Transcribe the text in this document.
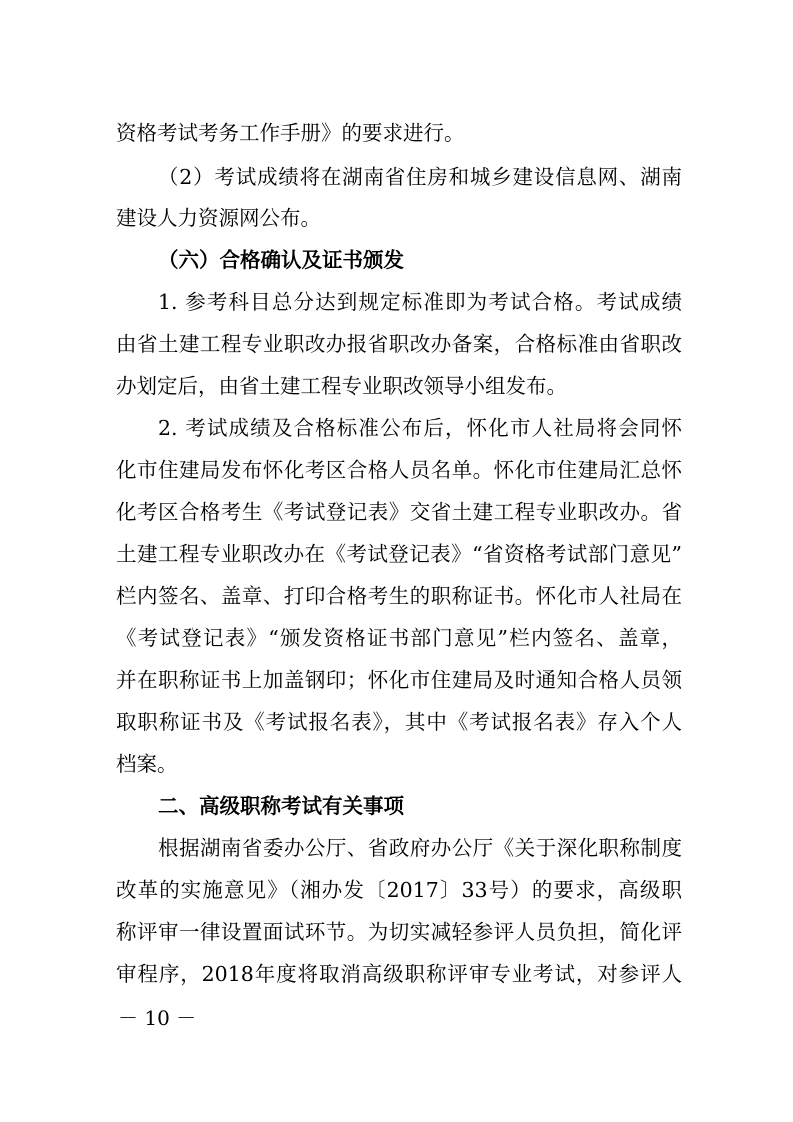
资格考试考务工作手册》的要求进行。
（2）考试成绩将在湖南省住房和城乡建设信息网、湖南
建设人力资源网公布。
（六）合格确认及证书颁发
1. 参考科目总分达到规定标准即为考试合格。考试成绩
由省土建工程专业职改办报省职改办备案，合格标准由省职改
办划定后，由省土建工程专业职改领导小组发布。
2. 考试成绩及合格标准公布后，怀化市人社局将会同怀
化市住建局发布怀化考区合格人员名单。怀化市住建局汇总怀
化考区合格考生《考试登记表》交省土建工程专业职改办。省
土建工程专业职改办在《考试登记表》“省资格考试部门意见”
栏内签名、盖章、打印合格考生的职称证书。怀化市人社局在
《考试登记表》“颁发资格证书部门意见”栏内签名、盖章，
并在职称证书上加盖钢印；怀化市住建局及时通知合格人员领
取职称证书及《考试报名表》，其中《考试报名表》存入个人
档案。
二、高级职称考试有关事项
根据湖南省委办公厅、省政府办公厅《关于深化职称制度
改革的实施意见》（湘办发〔2017〕33号）的要求，高级职
称评审一律设置面试环节。为切实减轻参评人员负担，简化评
审程序，2018年度将取消高级职称评审专业考试，对参评人
－ 10 －
